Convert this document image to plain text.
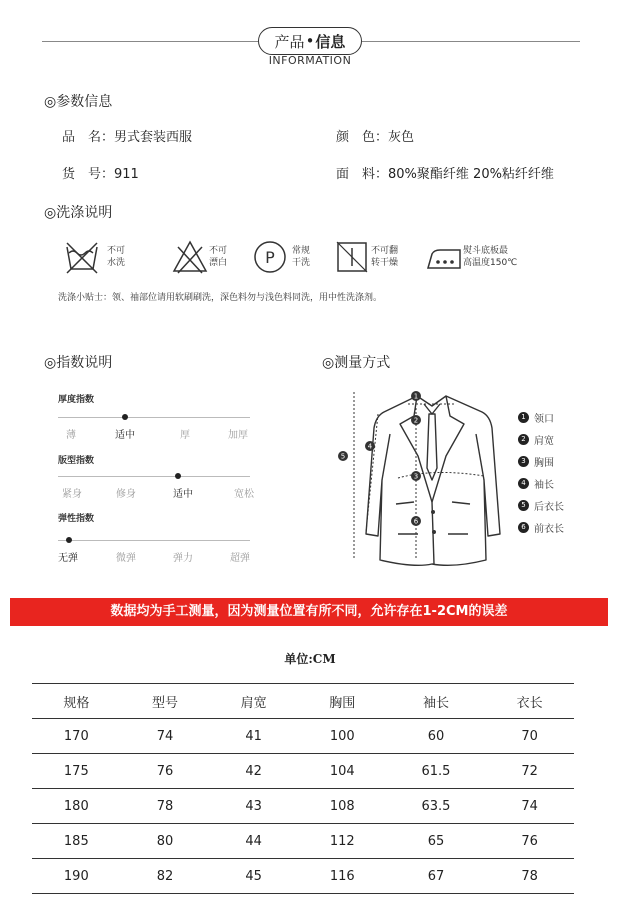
产品 • 信息
INFORMATION
◎参数信息
品　名：男式套装西服	颜　色：灰色
货　号：911	面　料：80%聚酯纤维 20%粘纤纤维
◎洗涤说明
不可
水洗
不可
漂白 P 常规
干洗
不可翻
转干燥
熨斗底板最
高温度150℃
洗涤小贴士：领、袖部位请用软刷刷洗，深色料勿与浅色料同洗，用中性洗涤剂。
◎指数说明
厚度指数
薄	适中	厚	加厚
版型指数
紧身	修身	适中	宽松
弹性指数
无弹	微弹	弹力	超弹
◎测量方式
1
2
3
4
5
6
1 领口
2 肩宽
3 胸围
4 袖长
5 后衣长
6 前衣长
数据均为手工测量，因为测量位置有所不同，允许存在1-2CM的误差
单位:CM
规格	型号	肩宽	胸围	袖长	衣长
170	74	41	100	60	70
175	76	42	104	61.5	72
180	78	43	108	63.5	74
185	80	44	112	65	76
190	82	45	116	67	78
